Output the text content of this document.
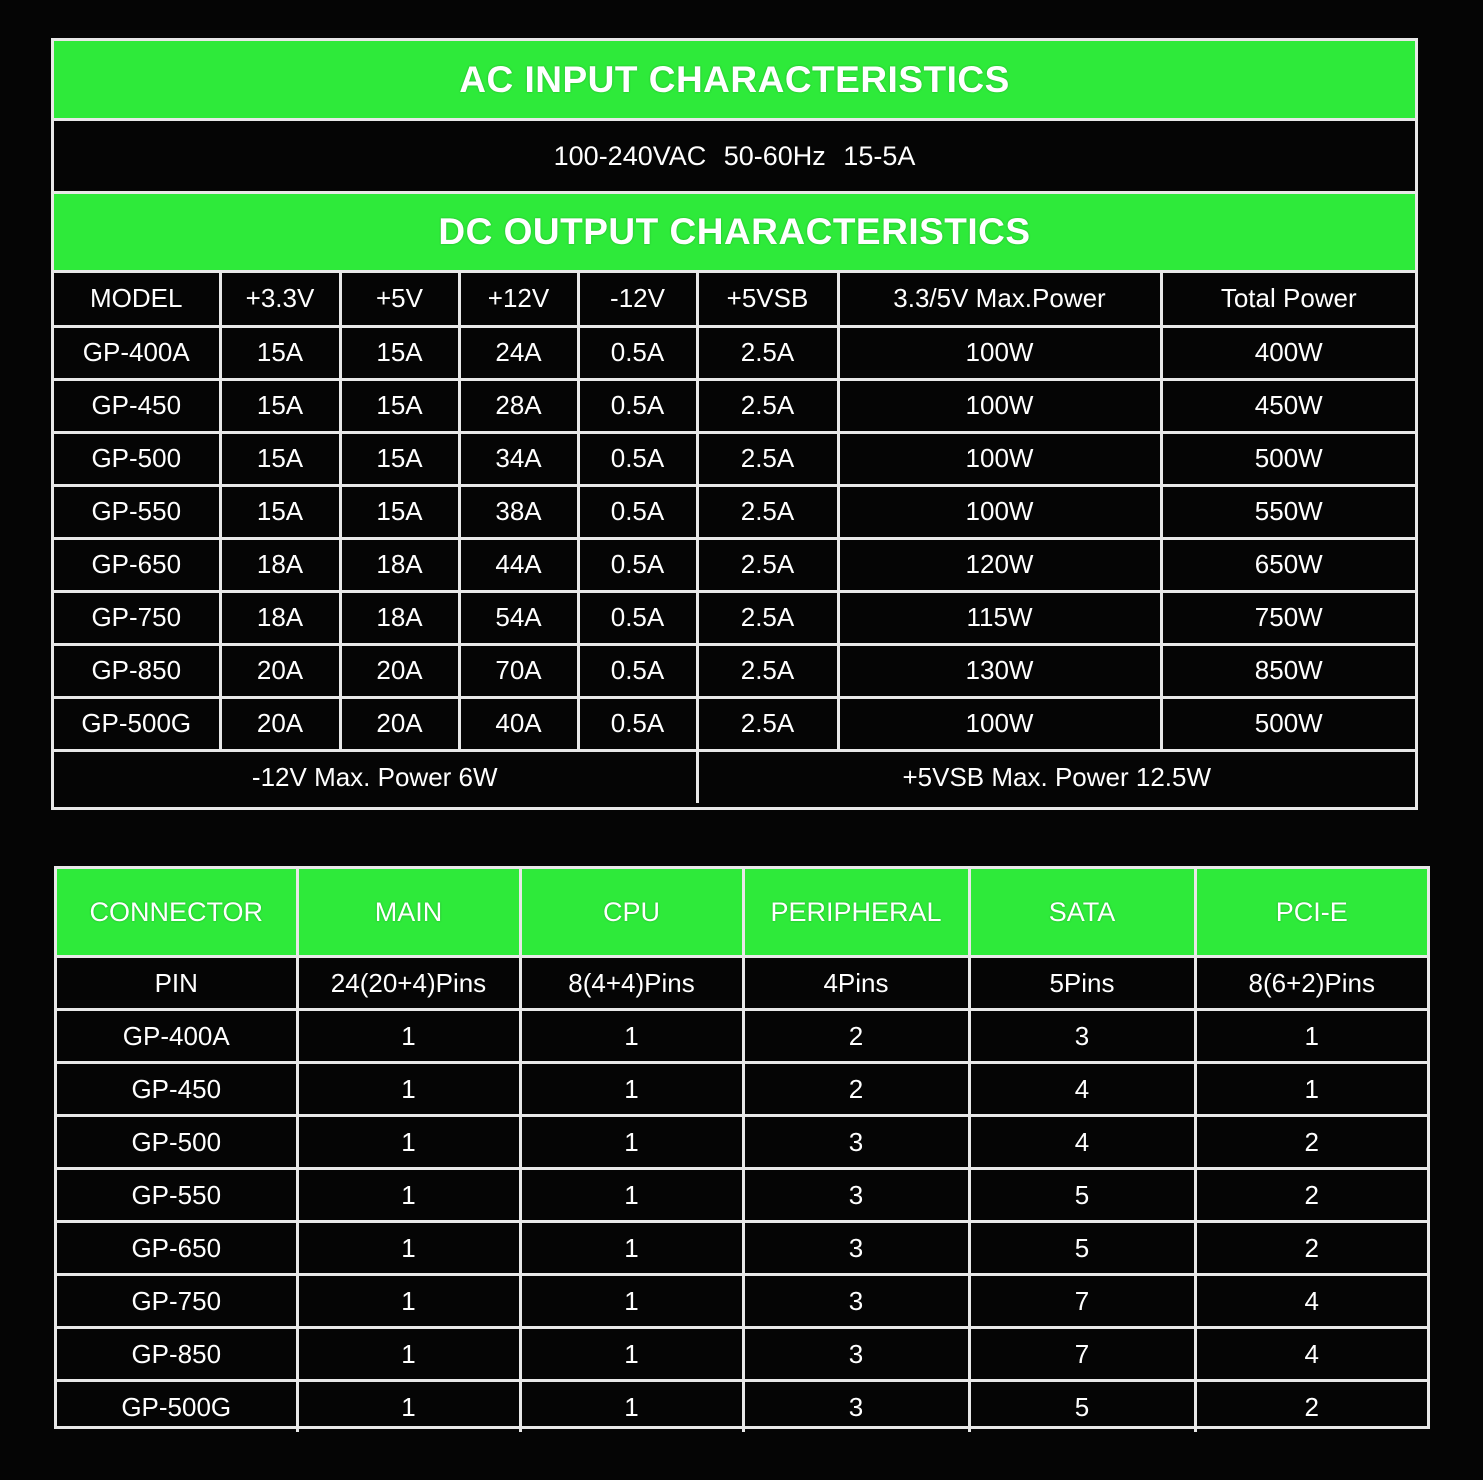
AC INPUT CHARACTERISTICS
100-240VAC 50-60Hz 15-5A
DC OUTPUT CHARACTERISTICS
MODEL	+3.3V	+5V	+12V	-12V	+5VSB	3.3/5V Max.Power	Total Power
GP-400A	15A	15A	24A	0.5A	2.5A	100W	400W
GP-450	15A	15A	28A	0.5A	2.5A	100W	450W
GP-500	15A	15A	34A	0.5A	2.5A	100W	500W
GP-550	15A	15A	38A	0.5A	2.5A	100W	550W
GP-650	18A	18A	44A	0.5A	2.5A	120W	650W
GP-750	18A	18A	54A	0.5A	2.5A	115W	750W
GP-850	20A	20A	70A	0.5A	2.5A	130W	850W
GP-500G	20A	20A	40A	0.5A	2.5A	100W	500W
-12V Max. Power 6W					+5VSB Max. Power 12.5W		
CONNECTOR	MAIN	CPU	PERIPHERAL	SATA	PCI-E
PIN	24(20+4)Pins	8(4+4)Pins	4Pins	5Pins	8(6+2)Pins
GP-400A	1	1	2	3	1
GP-450	1	1	2	4	1
GP-500	1	1	3	4	2
GP-550	1	1	3	5	2
GP-650	1	1	3	5	2
GP-750	1	1	3	7	4
GP-850	1	1	3	7	4
GP-500G	1	1	3	5	2
